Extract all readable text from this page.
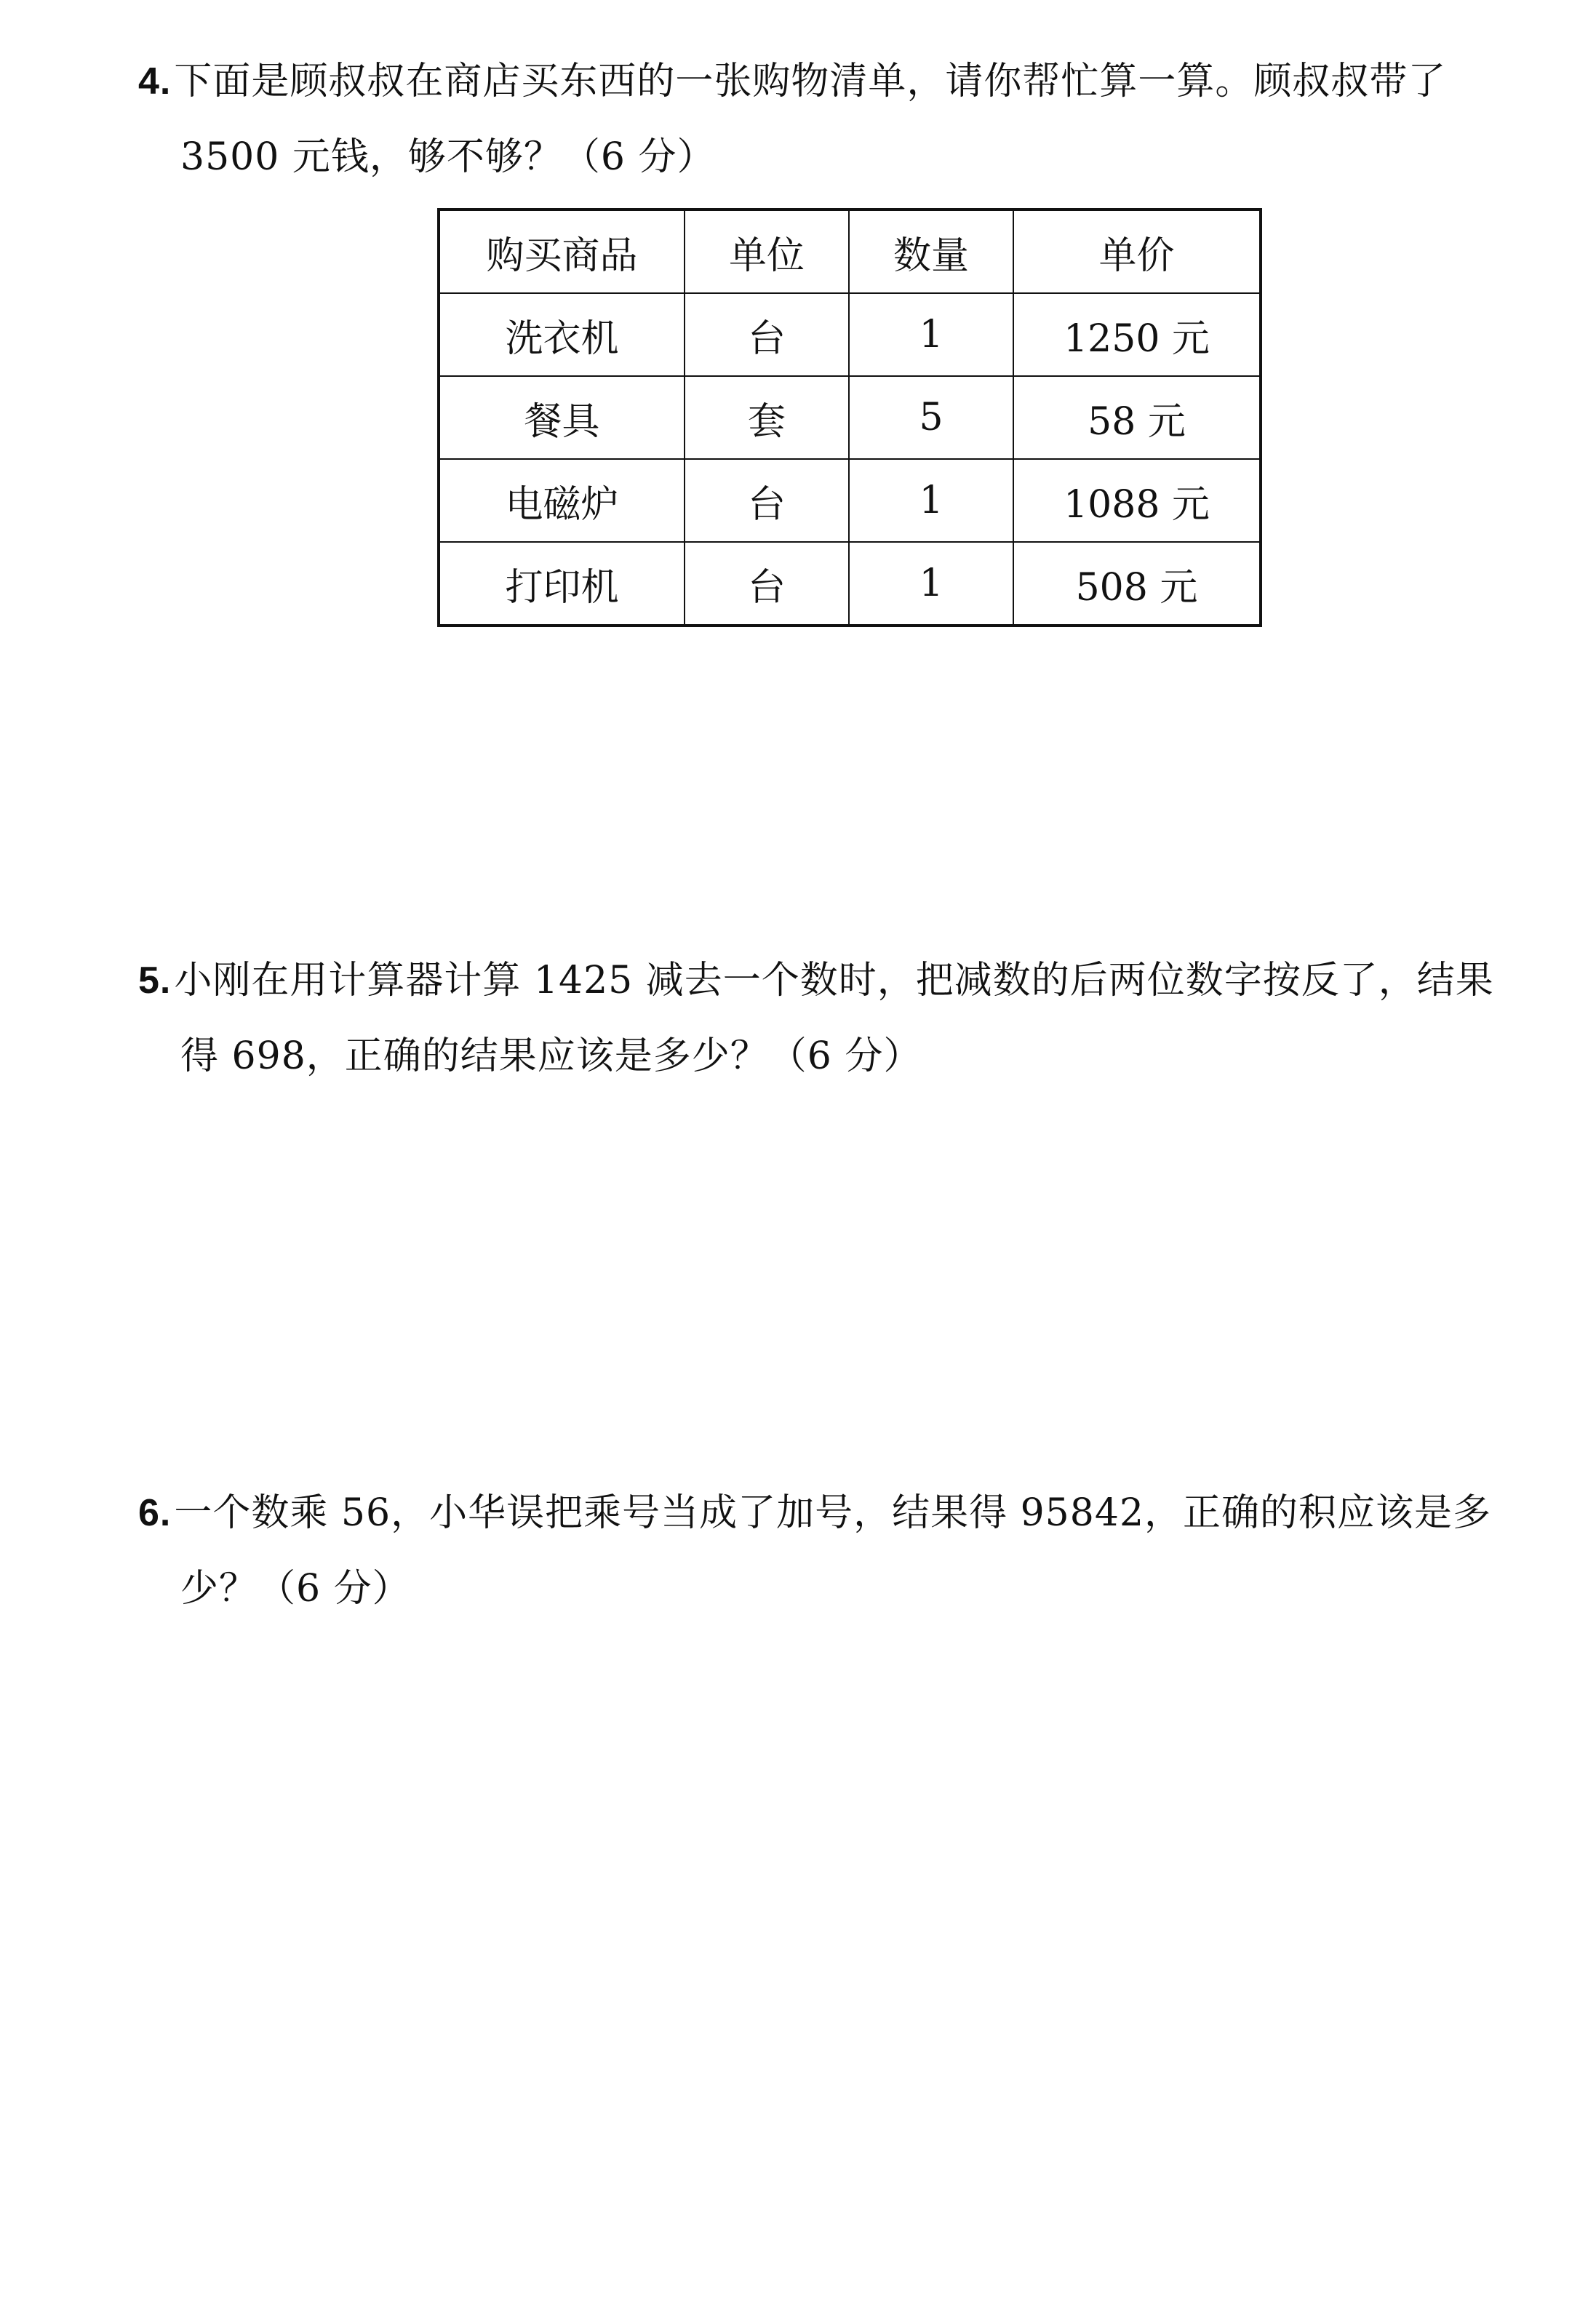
4.下面是顾叔叔在商店买东西的一张购物清单，请你帮忙算一算。顾叔叔带了
3500 元钱，够不够？（6 分）
购买商品	单位	数量	单价
洗衣机	台	1	1250 元
餐具	套	5	58 元
电磁炉	台	1	1088 元
打印机	台	1	508 元
5.小刚在用计算器计算 1425 减去一个数时，把减数的后两位数字按反了，结果
得 698，正确的结果应该是多少？（6 分）
6.一个数乘 56，小华误把乘号当成了加号，结果得 95842，正确的积应该是多
少？（6 分）
